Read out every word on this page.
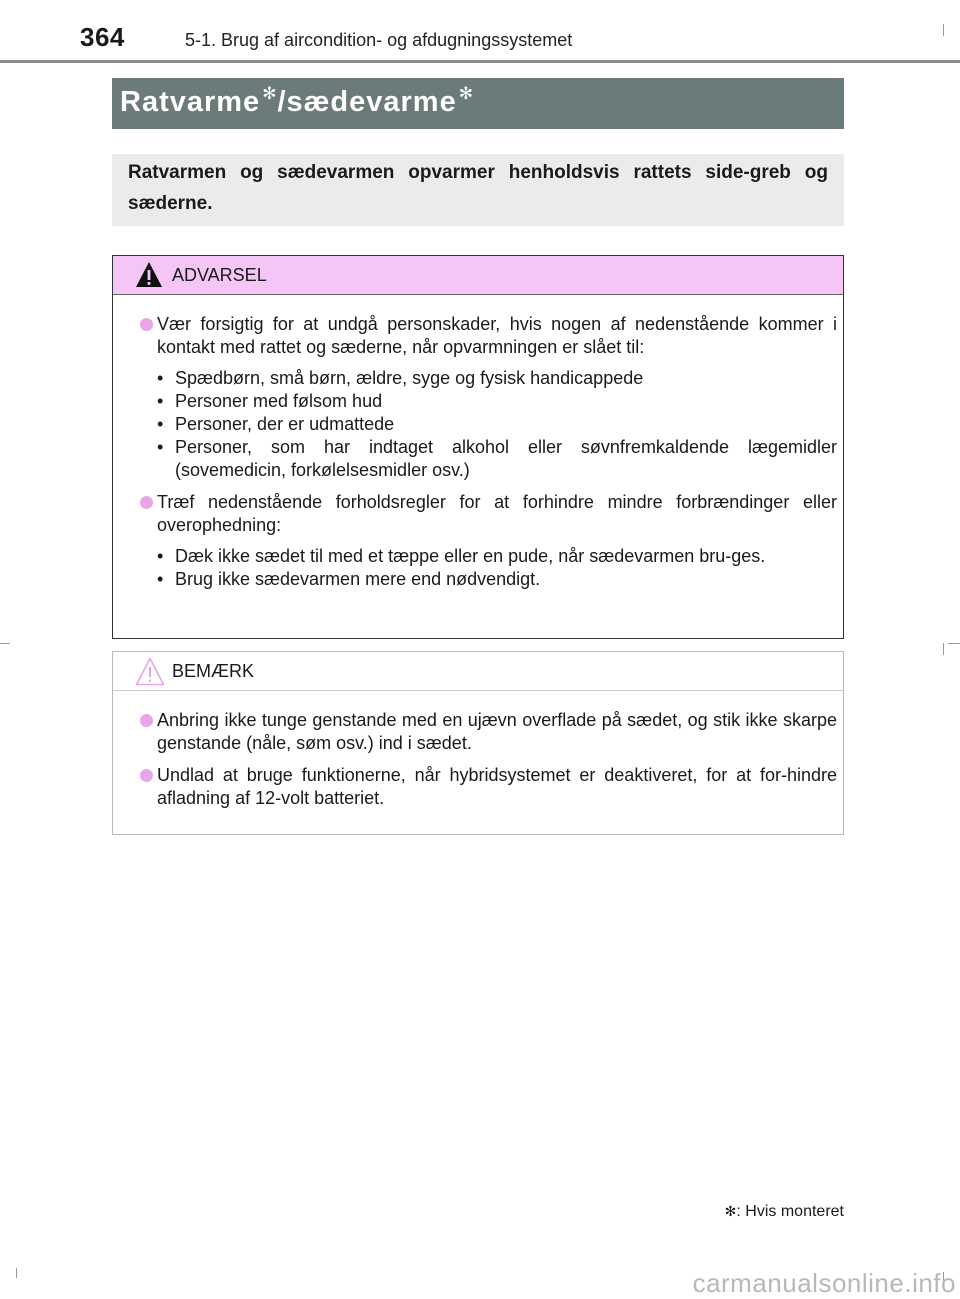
364	5-1. Brug af aircondition- og afdugningssystemet
Ratvarme ✻/sædevarme ✻

Ratvarmen og sædevarmen opvarmer henholdsvis rattets side-greb og sæderne.

ADVARSEL
Vær forsigtig for at undgå personskader, hvis nogen af nedenstående kommer i kontakt med rattet og sæderne, når opvarmningen er slået til:
• Spædbørn, små børn, ældre, syge og fysisk handicappede
• Personer med følsom hud
• Personer, der er udmattede
• Personer, som har indtaget alkohol eller søvnfremkaldende lægemidler (sovemedicin, forkølelsesmidler osv.)
Træf nedenstående forholdsregler for at forhindre mindre forbrændinger eller overophedning:
• Dæk ikke sædet til med et tæppe eller en pude, når sædevarmen bru-ges.
• Brug ikke sædevarmen mere end nødvendigt.
BEMÆRK
Anbring ikke tunge genstande med en ujævn overflade på sædet, og stik ikke skarpe genstande (nåle, søm osv.) ind i sædet.
Undlad at bruge funktionerne, når hybridsystemet er deaktiveret, for at for-hindre afladning af 12-volt batteriet.
✻: Hvis monteret
carmanualsonline.info
